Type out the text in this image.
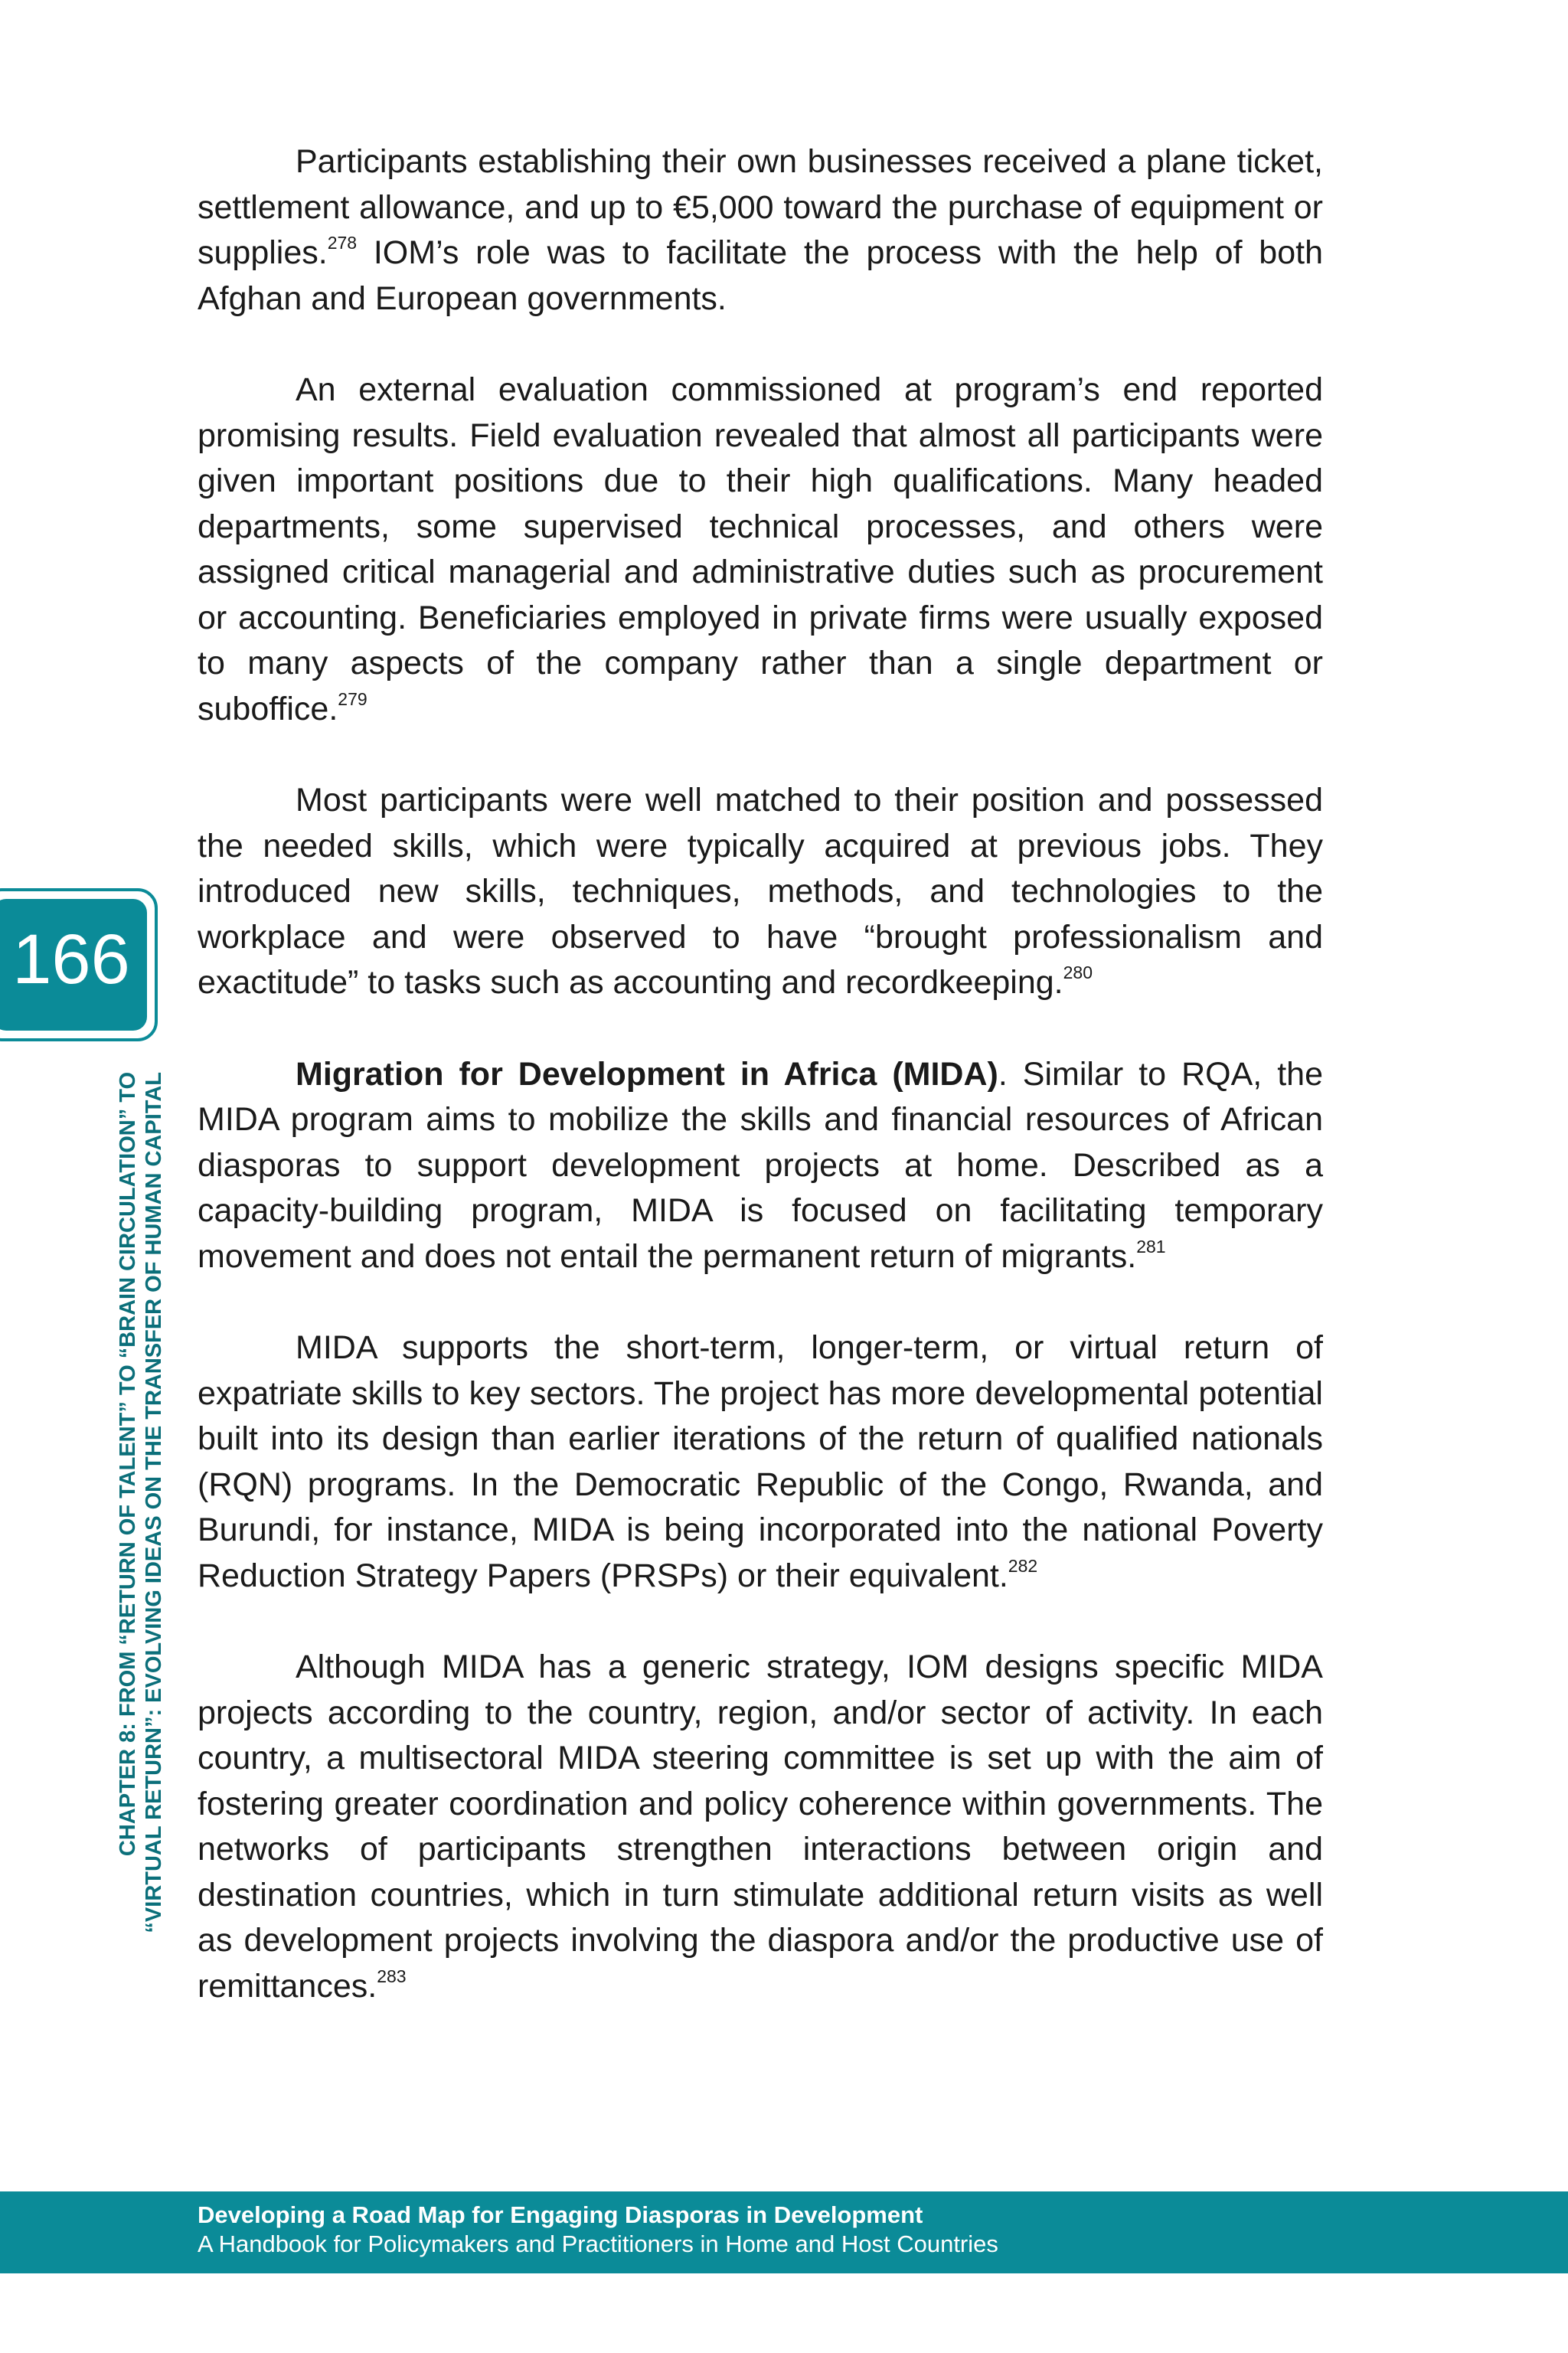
Participants establishing their own businesses received a plane ticket, settlement allowance, and up to €5,000 toward the purchase of equipment or supplies.$^{278}$ IOM’s role was to facilitate the process with the help of both Afghan and European governments.

An external evaluation commissioned at program’s end reported promising results. Field evaluation revealed that almost all participants were given important positions due to their high qualifications. Many headed departments, some supervised technical processes, and others were assigned critical managerial and administrative duties such as procurement or accounting. Beneficiaries employed in private firms were usually exposed to many aspects of the company rather than a single department or suboffice.$^{279}$

Most participants were well matched to their position and possessed the needed skills, which were typically acquired at previous jobs. They introduced new skills, techniques, methods, and technologies to the workplace and were observed to have “brought professionalism and exactitude” to tasks such as accounting and recordkeeping.$^{280}$

Migration for Development in Africa (MIDA). Similar to RQA, the MIDA program aims to mobilize the skills and financial resources of African diasporas to support development projects at home. Described as a capacity-building program, MIDA is focused on facilitating temporary movement and does not entail the permanent return of migrants.$^{281}$

MIDA supports the short-term, longer-term, or virtual return of expatriate skills to key sectors. The project has more developmental potential built into its design than earlier iterations of the return of qualified nationals (RQN) programs. In the Democratic Republic of the Congo, Rwanda, and Burundi, for instance, MIDA is being incorporated into the national Poverty Reduction Strategy Papers (PRSPs) or their equivalent.$^{282}$

Although MIDA has a generic strategy, IOM designs specific MIDA projects according to the country, region, and/or sector of activity. In each country, a multisectoral MIDA steering committee is set up with the aim of fostering greater coordination and policy coherence within governments. The networks of participants strengthen interactions between origin and destination countries, which in turn stimulate additional return visits as well as development projects involving the diaspora and/or the productive use of remittances.$^{283}$

166
CHAPTER 8: FROM “RETURN OF TALENT” TO “BRAIN CIRCULATION” TO “VIRTUAL RETURN”: EVOLVING IDEAS ON THE TRANSFER OF HUMAN CAPITAL
Developing a Road Map for Engaging Diasporas in Development
A Handbook for Policymakers and Practitioners in Home and Host Countries
